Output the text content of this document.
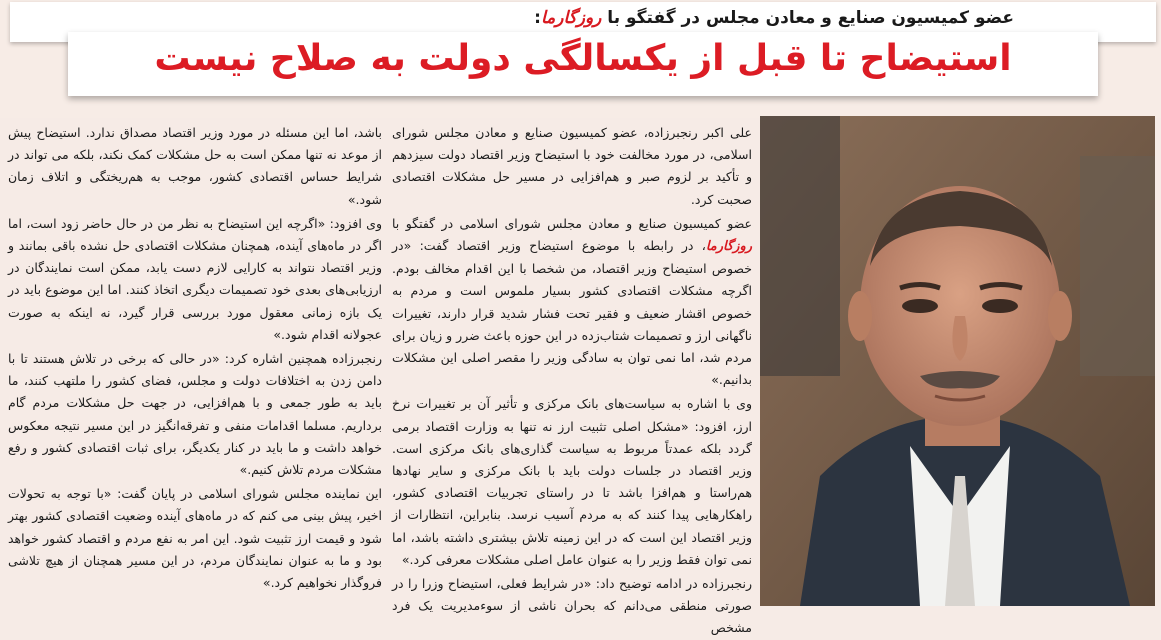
عضو کمیسیون صنایع و معادن مجلس در گفتگو با روزگارما:
استیضاح تا قبل از یکسالگی دولت به صلاح نیست

علی اکبر رنجبرزاده، عضو کمیسیون صنایع و معادن مجلس شورای اسلامی، در مورد مخالفت خود با استیضاح وزیر اقتصاد دولت سیزدهم و تأکید بر لزوم صبر و هم‌افزایی در مسیر حل مشکلات اقتصادی صحبت کرد.

عضو کمیسیون صنایع و معادن مجلس شورای اسلامی در گفتگو با روزگارما، در رابطه با موضوع استیضاح وزیر اقتصاد گفت: «در خصوص استیضاح وزیر اقتصاد، من شخصا با این اقدام مخالف بودم. اگرچه مشکلات اقتصادی کشور بسیار ملموس است و مردم به خصوص اقشار ضعیف و فقیر تحت فشار شدید قرار دارند، تغییرات ناگهانی ارز و تصمیمات شتاب‌زده در این حوزه باعث ضرر و زیان برای مردم شد، اما نمی توان به سادگی وزیر را مقصر اصلی این مشکلات بدانیم.»

وی با اشاره به سیاست‌های بانک مرکزی و تأثیر آن بر تغییرات نرخ ارز، افزود: «مشکل اصلی تثبیت ارز نه تنها به وزارت اقتصاد برمی گردد بلکه عمدتاً مربوط به سیاست گذاری‌های بانک مرکزی است. وزیر اقتصاد در جلسات دولت باید با بانک مرکزی و سایر نهادها هم‌راستا و هم‌افزا باشد تا در راستای تجربیات اقتصادی کشور، راهکارهایی پیدا کنند که به مردم آسیب نرسد. بنابراین، انتظارات از وزیر اقتصاد این است که در این زمینه تلاش بیشتری داشته باشد، اما نمی توان فقط وزیر را به عنوان عامل اصلی مشکلات معرفی کرد.»

رنجبرزاده در ادامه توضیح داد: «در شرایط فعلی، استیضاح وزرا را در صورتی منطقی می‌دانم که بحران ناشی از سوءمدیریت یک فرد مشخص

باشد، اما این مسئله در مورد وزیر اقتصاد مصداق ندارد. استیضاح پیش از موعد نه تنها ممکن است به حل مشکلات کمک نکند، بلکه می تواند در شرایط حساس اقتصادی کشور، موجب به هم‌ریختگی و اتلاف زمان شود.»

وی افزود: «اگرچه این استیضاح به نظر من در حال حاضر زود است، اما اگر در ماه‌های آینده، همچنان مشکلات اقتصادی حل نشده باقی بمانند و وزیر اقتصاد نتواند به کارایی لازم دست یابد، ممکن است نمایندگان در ارزیابی‌های بعدی خود تصمیمات دیگری اتخاذ کنند. اما این موضوع باید در یک بازه زمانی معقول مورد بررسی قرار گیرد، نه اینکه به صورت عجولانه اقدام شود.»

رنجبرزاده همچنین اشاره کرد: «در حالی که برخی در تلاش هستند تا با دامن زدن به اختلافات دولت و مجلس، فضای کشور را ملتهب کنند، ما باید به طور جمعی و با هم‌افزایی، در جهت حل مشکلات مردم گام برداریم. مسلما اقدامات منفی و تفرقه‌انگیز در این مسیر نتیجه معکوس خواهد داشت و ما باید در کنار یکدیگر، برای ثبات اقتصادی کشور و رفع مشکلات مردم تلاش کنیم.»

این نماینده مجلس شورای اسلامی در پایان گفت: «با توجه به تحولات اخیر، پیش بینی می کنم که در ماه‌های آینده وضعیت اقتصادی کشور بهتر شود و قیمت ارز تثبیت شود. این امر به نفع مردم و اقتصاد کشور خواهد بود و ما به عنوان نمایندگان مردم، در این مسیر همچنان از هیچ تلاشی فروگذار نخواهیم کرد.»
